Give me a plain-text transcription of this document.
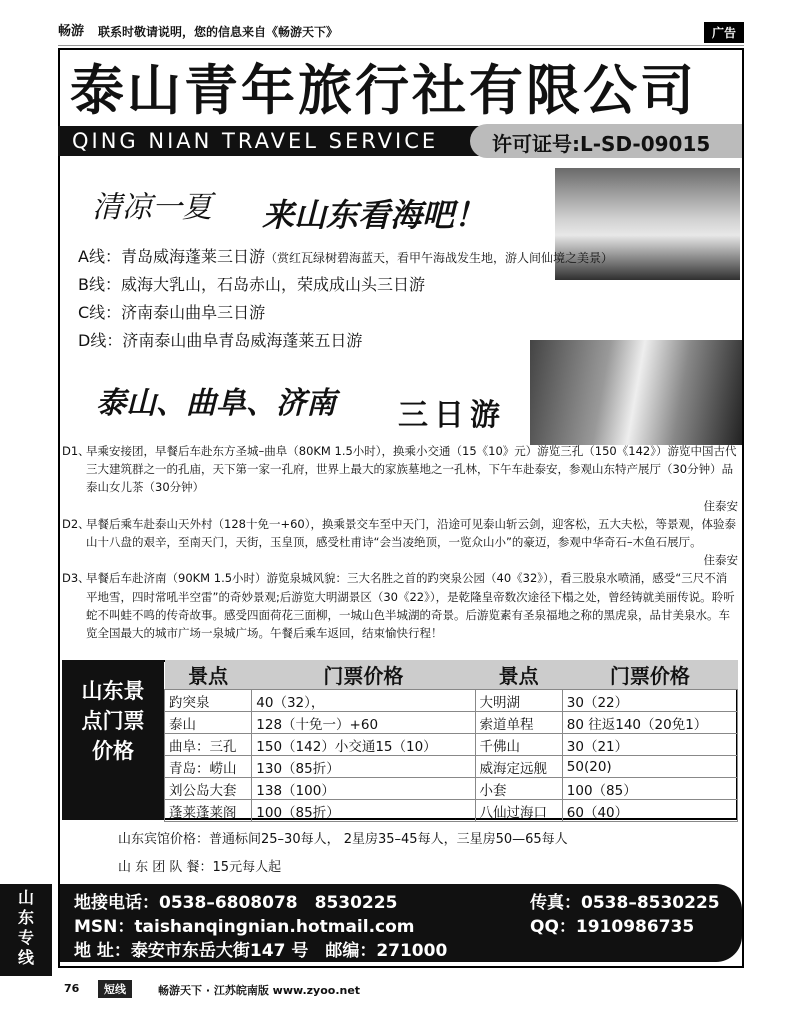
畅游 联系时敬请说明，您的信息来自《畅游天下》	广告
泰山青年旅行社有限公司
QING NIAN TRAVEL SERVICE	许可证号:L-SD-09015
清凉一夏 来山东看海吧！
A线：青岛威海蓬莱三日游（赏红瓦绿树碧海蓝天，看甲午海战发生地，游人间仙境之美景）
B线：威海大乳山，石岛赤山，荣成成山头三日游
C线：济南泰山曲阜三日游
D线：济南泰山曲阜青岛威海蓬莱五日游
泰山、曲阜、济南 三日游
D1、
早乘安接团，早餐后车赴东方圣城–曲阜（80KM 1.5小时），换乘小交通（15《10》元）游览三孔（150《142》）游览中国古代三大建筑群之一的孔庙，天下第一家一孔府，世界上最大的家族墓地之一孔林，下午车赴泰安，参观山东特产展厅（30分钟）品泰山女儿茶（30分钟）
住泰安
D2、
早餐后乘车赴泰山天外村（128十免一+60），换乘景交车至中天门，沿途可见泰山斩云剑，迎客松，五大夫松，等景观，体验泰山十八盘的艰辛，至南天门，天街，玉皇顶，感受杜甫诗“会当凌绝顶，一览众山小”的豪迈，参观中华奇石–木鱼石展厅。
住泰安
D3、
早餐后车赴济南（90KM 1.5小时）游览泉城风貌：三大名胜之首的趵突泉公园（40《32》），看三股泉水喷涌，感受“三尺不消平地雪，四时常吼半空雷”的奇妙景观;后游览大明湖景区（30《22》），是乾隆皇帝数次途径下榻之处，曾经铸就美丽传说。聆听蛇不叫蛙不鸣的传奇故事。感受四面荷花三面柳，一城山色半城湖的奇景。后游览素有圣泉福地之称的黑虎泉，品甘美泉水。车览全国最大的城市广场一泉城广场。午餐后乘车返回，结束愉快行程！
山东景点门票价格
景点	门票价格	景点	门票价格
趵突泉	40（32），	大明湖	30（22）
泰山	128（十免一）+60	索道单程	80 往返140（20免1）
曲阜：三孔	150（142）小交通15（10）	千佛山	30（21）
青岛：崂山	130（85折）	威海定远舰	50(20)
刘公岛大套	138（100）	小套	100（85）
蓬莱蓬莱阁	100（85折）	八仙过海口	60（40）
山东宾馆价格：普通标间25–30每人， 2星房35–45每人，三星房50—65每人
山 东 团 队 餐：15元每人起
山东专线
地接电话：0538–6808078　8530225	传真：0538–8530225
MSN：taishanqingnian.hotmail.com	QQ：1910986735
地 址：泰安市东岳大街147 号　邮编：271000
76	短线	畅游天下 · 江苏皖南版 www.zyoo.net
